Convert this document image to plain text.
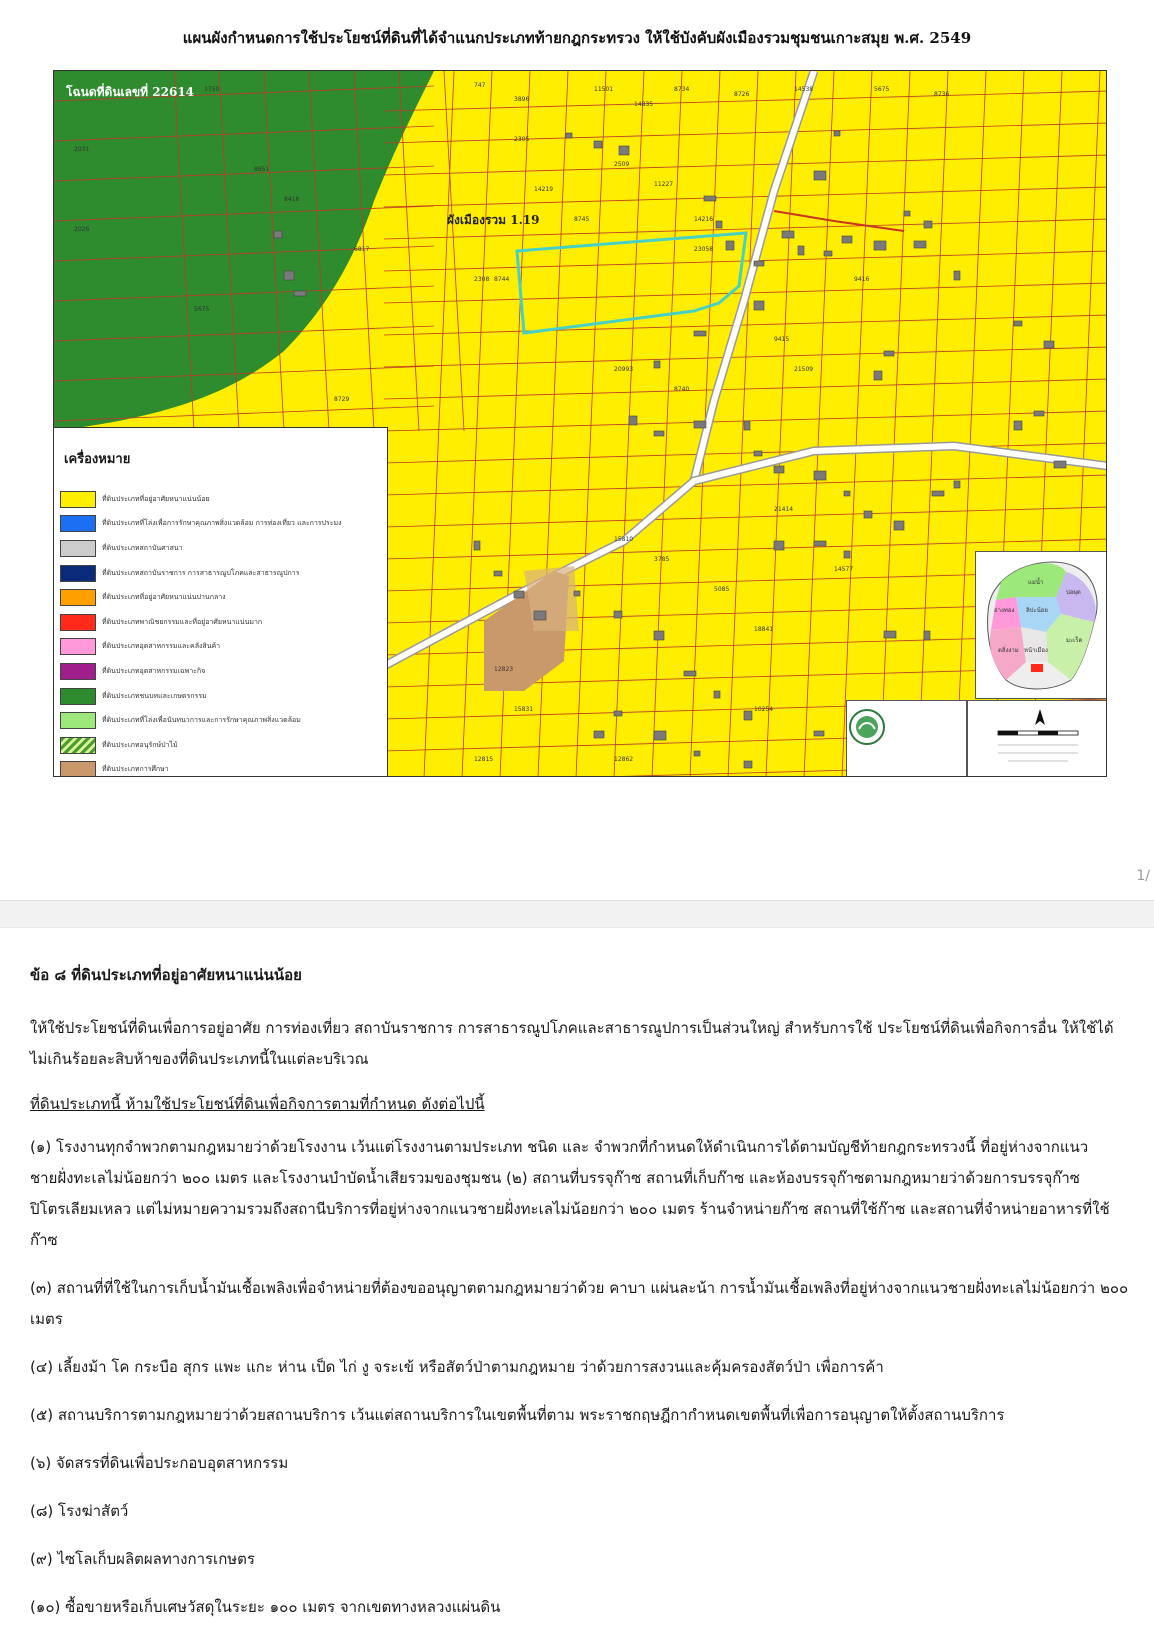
แผนผังกำหนดการใช้ประโยชน์ที่ดินที่ได้จำแนกประเภทท้ายกฎกระทรวง ให้ใช้บังคับผังเมืองรวมชุมชนเกาะสมุย พ.ศ. 2549
3750
747
3896
11501
14835
8734
8726
14538	5675
8736
2305
2509
11227
14216
14219
2308 8744
8745
23058
20993
8740
21509
9416
9415
15810
3785
5085
18841
14577
12823
15831
12815	12862
10254
8729
6817
8651
8418
2031
2026
5675
21414
โฉนดที่ดินเลขที่ 22614
ผังเมืองรวม 1.19
เครื่องหมาย
ที่ดินประเภทที่อยู่อาศัยหนาแน่นน้อย
ที่ดินประเภทที่โล่งเพื่อการรักษาคุณภาพสิ่งแวดล้อม การท่องเที่ยว และการประมง
ที่ดินประเภทสถาบันศาสนา
ที่ดินประเภทสถาบันราชการ การสาธารณูปโภคและสาธารณูปการ
ที่ดินประเภทที่อยู่อาศัยหนาแน่นปานกลาง
ที่ดินประเภทพาณิชยกรรมและที่อยู่อาศัยหนาแน่นมาก
ที่ดินประเภทอุตสาหกรรมและคลังสินค้า
ที่ดินประเภทอุตสาหกรรมเฉพาะกิจ
ที่ดินประเภทชนบทและเกษตรกรรม
ที่ดินประเภทที่โล่งเพื่อนันทนาการและการรักษาคุณภาพสิ่งแวดล้อม
ที่ดินประเภทอนุรักษ์ป่าไม้
ที่ดินประเภทการศึกษา
แม่น้ำ
บ่อผุด
อ่างทอง ลิปะน้อย
มะเร็ต
ตลิ่งงาม หน้าเมือง
1/

ข้อ ๘ ที่ดินประเภทที่อยู่อาศัยหนาแน่นน้อย

ให้ใช้ประโยชน์ที่ดินเพื่อการอยู่อาศัย การท่องเที่ยว สถาบันราชการ การสาธารณูปโภคและสาธารณูปการเป็นส่วนใหญ่ สำหรับการใช้ ประโยชน์ที่ดินเพื่อกิจการอื่น ให้ใช้ได้ไม่เกินร้อยละสิบห้าของที่ดินประเภทนี้ในแต่ละบริเวณ

ที่ดินประเภทนี้ ห้ามใช้ประโยชน์ที่ดินเพื่อกิจการตามที่กำหนด ดังต่อไปนี้

(๑) โรงงานทุกจำพวกตามกฎหมายว่าด้วยโรงงาน เว้นแต่โรงงานตามประเภท ชนิด และ จำพวกที่กำหนดให้ดำเนินการได้ตามบัญชีท้ายกฎกระทรวงนี้ ที่อยู่ห่างจากแนวชายฝั่งทะเลไม่น้อยกว่า ๒๐๐ เมตร และโรงงานบำบัดน้ำเสียรวมของชุมชน (๒) สถานที่บรรจุก๊าซ สถานที่เก็บก๊าซ และห้องบรรจุก๊าซตามกฎหมายว่าด้วยการบรรจุก๊าซ ปิโตรเลียมเหลว แต่ไม่หมายความรวมถึงสถานีบริการที่อยู่ห่างจากแนวชายฝั่งทะเลไม่น้อยกว่า ๒๐๐ เมตร ร้านจำหน่ายก๊าซ สถานที่ใช้ก๊าซ และสถานที่จำหน่ายอาหารที่ใช้ก๊าซ

(๓) สถานที่ที่ใช้ในการเก็บน้ำมันเชื้อเพลิงเพื่อจำหน่ายที่ต้องขออนุญาตตามกฎหมายว่าด้วย คาบา แผ่นละน้า การน้ำมันเชื้อเพลิงที่อยู่ห่างจากแนวชายฝั่งทะเลไม่น้อยกว่า ๒๐๐ เมตร

(๔) เลี้ยงม้า โค กระบือ สุกร แพะ แกะ ห่าน เป็ด ไก่ งู จระเข้ หรือสัตว์ป่าตามกฎหมาย ว่าด้วยการสงวนและคุ้มครองสัตว์ป่า เพื่อการค้า

(๕) สถานบริการตามกฎหมายว่าด้วยสถานบริการ เว้นแต่สถานบริการในเขตพื้นที่ตาม พระราชกฤษฎีกากำหนดเขตพื้นที่เพื่อการอนุญาตให้ตั้งสถานบริการ

(๖) จัดสรรที่ดินเพื่อประกอบอุตสาหกรรม

(๘) โรงฆ่าสัตว์

(๙) ไซโลเก็บผลิตผลทางการเกษตร

(๑๐) ซื้อขายหรือเก็บเศษวัสดุในระยะ ๑๐๐ เมตร จากเขตทางหลวงแผ่นดิน
